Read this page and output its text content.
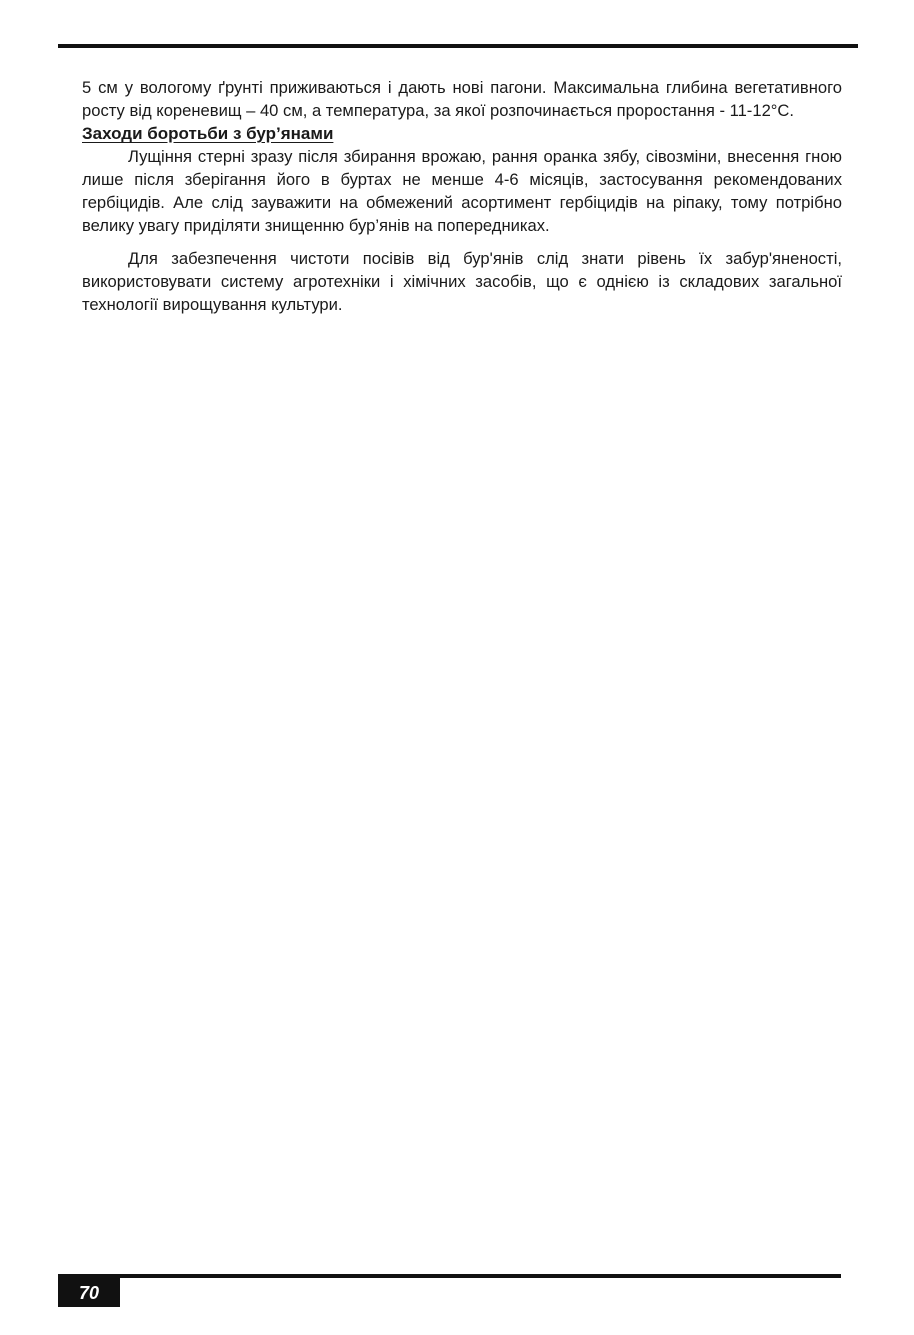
5 см у вологому ґрунті приживаються і дають нові пагони. Максимальна глибина вегетативного росту від кореневищ – 40 см, а температура, за якої розпочинається проростання - 11-12°С.

Заходи боротьби з бур’янами

Лущіння стерні зразу після збирання врожаю, рання оранка зябу, сівозміни, внесення гною лише після зберігання його в буртах не менше 4-6 місяців, застосування рекомендованих гербіцидів. Але слід зауважити на обмежений асортимент гербіцидів на ріпаку, тому потрібно велику увагу приділяти знищенню бур’янів на попередниках.

Для забезпечення чистоти посівів від бур'янів слід знати рівень їх забур'яненості, використовувати систему агротехніки і хімічних засобів, що є однією із складових загальної технології вирощування культури.

70
